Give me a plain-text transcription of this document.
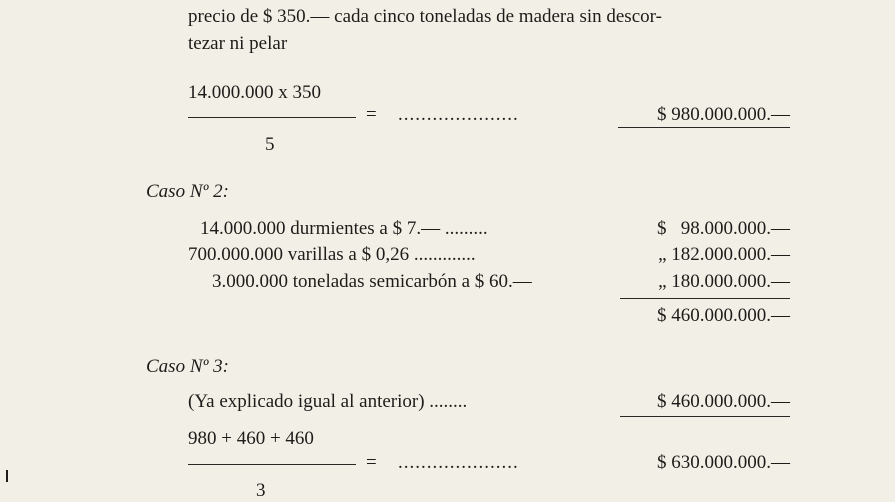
precio de $ 350.— cada cinco toneladas de madera sin descor-
tezar ni pelar
14.000.000 x 350
= .....................	$ 980.000.000.—
5
Caso Nº 2:
14.000.000 durmientes a $ 7.— .........	$   98.000.000.—
700.000.000 varillas a $ 0,26 .............	„ 182.000.000.—
3.000.000 toneladas semicarbón a $ 60.—	„ 180.000.000.—
$ 460.000.000.—
Caso Nº 3:
(Ya explicado igual al anterior) ........	$ 460.000.000.—
980 + 460 + 460
= .....................	$ 630.000.000.—
3
